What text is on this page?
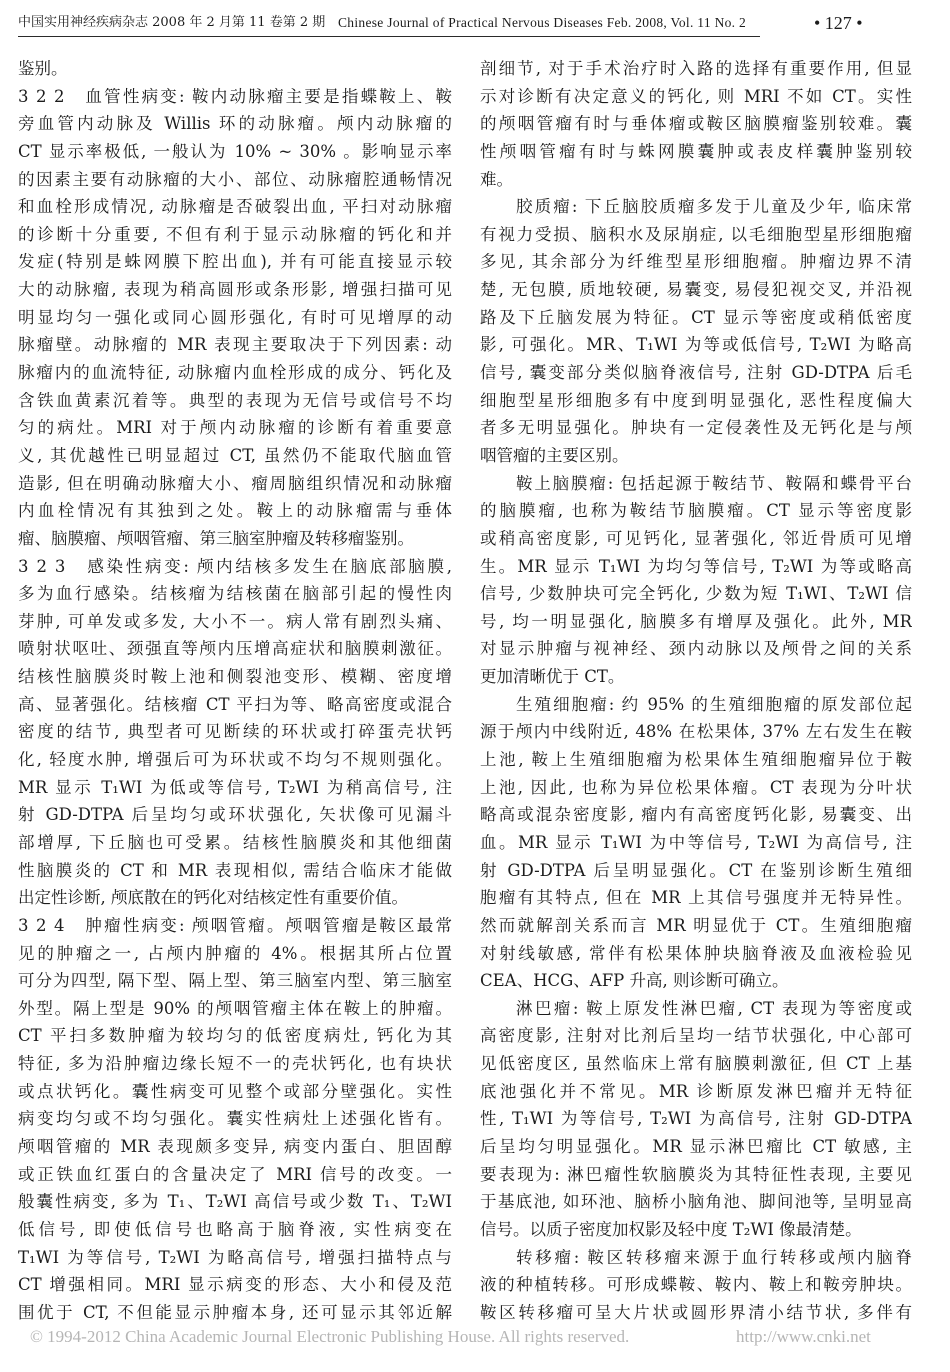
中国实用神经疾病杂志 2008 年 2 月第 11 卷第 2 期 Chinese Journal of Practical Nervous Diseases Feb. 2008, Vol. 11 No. 2	• 127 •
鉴别。
3 2 2　血管性病变: 鞍内动脉瘤主要是指蝶鞍上、鞍
旁血管内动脉及 Willis 环的动脉瘤。颅内动脉瘤的
CT 显示率极低, 一般认为 10% ~ 30% 。影响显示率
的因素主要有动脉瘤的大小、部位、动脉瘤腔通畅情况
和血栓形成情况, 动脉瘤是否破裂出血, 平扫对动脉瘤
的诊断十分重要, 不但有利于显示动脉瘤的钙化和并
发症(特别是蛛网膜下腔出血), 并有可能直接显示较
大的动脉瘤, 表现为稍高圆形或条形影, 增强扫描可见
明显均匀一强化或同心圆形强化, 有时可见增厚的动
脉瘤壁。动脉瘤的 MR 表现主要取决于下列因素: 动
脉瘤内的血流特征, 动脉瘤内血栓形成的成分、钙化及
含铁血黄素沉着等。典型的表现为无信号或信号不均
匀的病灶。MRI 对于颅内动脉瘤的诊断有着重要意
义, 其优越性已明显超过 CT, 虽然仍不能取代脑血管
造影, 但在明确动脉瘤大小、瘤周脑组织情况和动脉瘤
内血栓情况有其独到之处。鞍上的动脉瘤需与垂体
瘤、脑膜瘤、颅咽管瘤、第三脑室肿瘤及转移瘤鉴别。
3 2 3　感染性病变: 颅内结核多发生在脑底部脑膜,
多为血行感染。结核瘤为结核菌在脑部引起的慢性肉
芽肿, 可单发或多发, 大小不一。病人常有剧烈头痛、
喷射状呕吐、颈强直等颅内压增高症状和脑膜刺激征。
结核性脑膜炎时鞍上池和侧裂池变形、模糊、密度增
高、显著强化。结核瘤 CT 平扫为等、略高密度或混合
密度的结节, 典型者可见断续的环状或打碎蛋壳状钙
化, 轻度水肿, 增强后可为环状或不均匀不规则强化。
MR 显示 T₁WI 为低或等信号, T₂WI 为稍高信号, 注
射 GD-DTPA 后呈均匀或环状强化, 矢状像可见漏斗
部增厚, 下丘脑也可受累。结核性脑膜炎和其他细菌
性脑膜炎的 CT 和 MR 表现相似, 需结合临床才能做
出定性诊断, 颅底散在的钙化对结核定性有重要价值。
3 2 4　肿瘤性病变: 颅咽管瘤。颅咽管瘤是鞍区最常
见的肿瘤之一, 占颅内肿瘤的 4%。根据其所占位置
可分为四型, 隔下型、隔上型、第三脑室内型、第三脑室
外型。隔上型是 90% 的颅咽管瘤主体在鞍上的肿瘤。
CT 平扫多数肿瘤为较均匀的低密度病灶, 钙化为其
特征, 多为沿肿瘤边缘长短不一的壳状钙化, 也有块状
或点状钙化。囊性病变可见整个或部分壁强化。实性
病变均匀或不均匀强化。囊实性病灶上述强化皆有。
颅咽管瘤的 MR 表现颇多变异, 病变内蛋白、胆固醇
或正铁血红蛋白的含量决定了 MRI 信号的改变。一
般囊性病变, 多为 T₁、T₂WI 高信号或少数 T₁、T₂WI
低信号, 即使低信号也略高于脑脊液, 实性病变在
T₁WI 为等信号, T₂WI 为略高信号, 增强扫描特点与
CT 增强相同。MRI 显示病变的形态、大小和侵及范
围优于 CT, 不但能显示肿瘤本身, 还可显示其邻近解
剖细节, 对于手术治疗时入路的选择有重要作用, 但显
示对诊断有决定意义的钙化, 则 MRI 不如 CT。实性
的颅咽管瘤有时与垂体瘤或鞍区脑膜瘤鉴别较难。囊
性颅咽管瘤有时与蛛网膜囊肿或表皮样囊肿鉴别较
难。
胶质瘤: 下丘脑胶质瘤多发于儿童及少年, 临床常
有视力受损、脑积水及尿崩症, 以毛细胞型星形细胞瘤
多见, 其余部分为纤维型星形细胞瘤。肿瘤边界不清
楚, 无包膜, 质地较硬, 易囊变, 易侵犯视交叉, 并沿视
路及下丘脑发展为特征。CT 显示等密度或稍低密度
影, 可强化。MR、T₁WI 为等或低信号, T₂WI 为略高
信号, 囊变部分类似脑脊液信号, 注射 GD-DTPA 后毛
细胞型星形细胞多有中度到明显强化, 恶性程度偏大
者多无明显强化。肿块有一定侵袭性及无钙化是与颅
咽管瘤的主要区别。
鞍上脑膜瘤: 包括起源于鞍结节、鞍隔和蝶骨平台
的脑膜瘤, 也称为鞍结节脑膜瘤。CT 显示等密度影
或稍高密度影, 可见钙化, 显著强化, 邻近骨质可见增
生。MR 显示 T₁WI 为均匀等信号, T₂WI 为等或略高
信号, 少数肿块可完全钙化, 少数为短 T₁WI、T₂WI 信
号, 均一明显强化, 脑膜多有增厚及强化。此外, MR
对显示肿瘤与视神经、颈内动脉以及颅骨之间的关系
更加清晰优于 CT。
生殖细胞瘤: 约 95% 的生殖细胞瘤的原发部位起
源于颅内中线附近, 48% 在松果体, 37% 左右发生在鞍
上池, 鞍上生殖细胞瘤为松果体生殖细胞瘤异位于鞍
上池, 因此, 也称为异位松果体瘤。CT 表现为分叶状
略高或混杂密度影, 瘤内有高密度钙化影, 易囊变、出
血。MR 显示 T₁WI 为中等信号, T₂WI 为高信号, 注
射 GD-DTPA 后呈明显强化。CT 在鉴别诊断生殖细
胞瘤有其特点, 但在 MR 上其信号强度并无特异性。
然而就解剖关系而言 MR 明显优于 CT。生殖细胞瘤
对射线敏感, 常伴有松果体肿块脑脊液及血液检验见
CEA、HCG、AFP 升高, 则诊断可确立。
淋巴瘤: 鞍上原发性淋巴瘤, CT 表现为等密度或
高密度影, 注射对比剂后呈均一结节状强化, 中心部可
见低密度区, 虽然临床上常有脑膜刺激征, 但 CT 上基
底池强化并不常见。MR 诊断原发淋巴瘤并无特征
性, T₁WI 为等信号, T₂WI 为高信号, 注射 GD-DTPA
后呈均匀明显强化。MR 显示淋巴瘤比 CT 敏感, 主
要表现为: 淋巴瘤性软脑膜炎为其特征性表现, 主要见
于基底池, 如环池、脑桥小脑角池、脚间池等, 呈明显高
信号。以质子密度加权影及轻中度 T₂WI 像最清楚。
转移瘤: 鞍区转移瘤来源于血行转移或颅内脑脊
液的种植转移。可形成蝶鞍、鞍内、鞍上和鞍旁肿块。
鞍区转移瘤可呈大片状或圆形界清小结节状, 多伴有
© 1994-2012 China Academic Journal Electronic Publishing House. All rights reserved.	http://www.cnki.net
